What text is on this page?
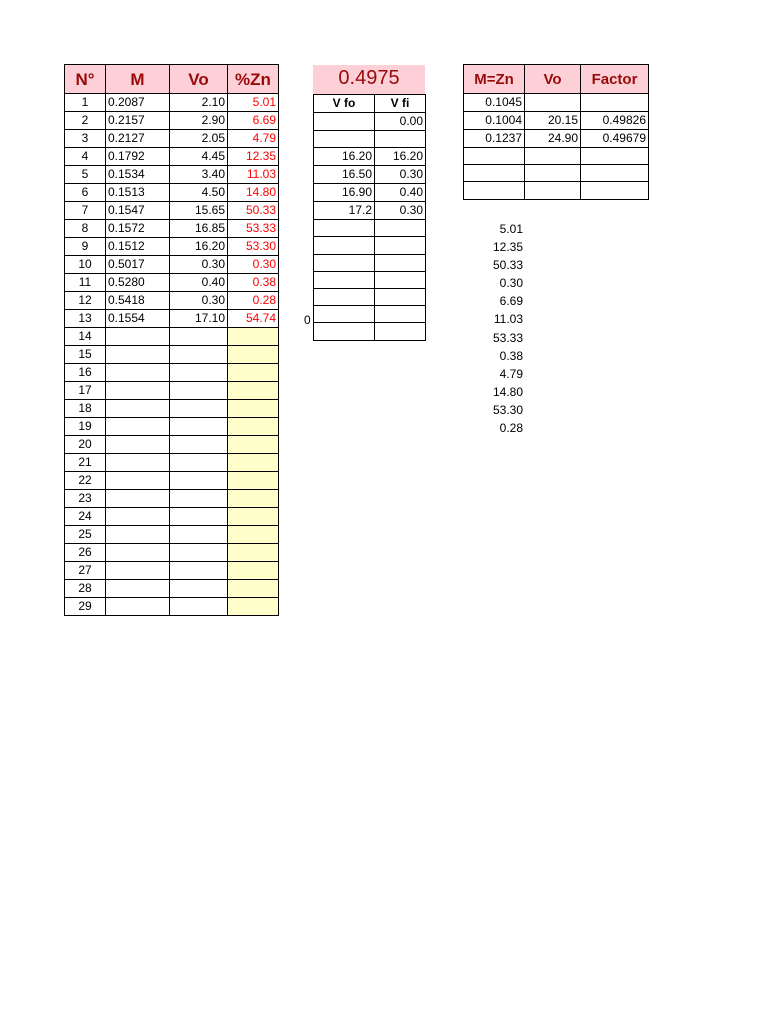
N°	M	Vo	%Zn
1	0.2087	2.10	5.01
2	0.2157	2.90	6.69
3	0.2127	2.05	4.79
4	0.1792	4.45	12.35
5	0.1534	3.40	11.03
6	0.1513	4.50	14.80
7	0.1547	15.65	50.33
8	0.1572	16.85	53.33
9	0.1512	16.20	53.30
10	0.5017	0.30	0.30
11	0.5280	0.40	0.38
12	0.5418	0.30	0.28
13	0.1554	17.10	54.74
14			
15			
16			
17			
18			
19			
20			
21			
22			
23			
24			
25			
26			
27			
28			
29			
0.4975
V fo	V fi
	0.00

16.20	16.20
16.50	0.30
16.90	0.40
17.2	0.30

0
M=Zn	Vo	Factor
0.1045		
0.1004	20.15	0.49826
0.1237	24.90	0.49679

5.01
12.35
50.33
0.30
6.69
11.03
53.33
0.38
4.79
14.80
53.30
0.28
